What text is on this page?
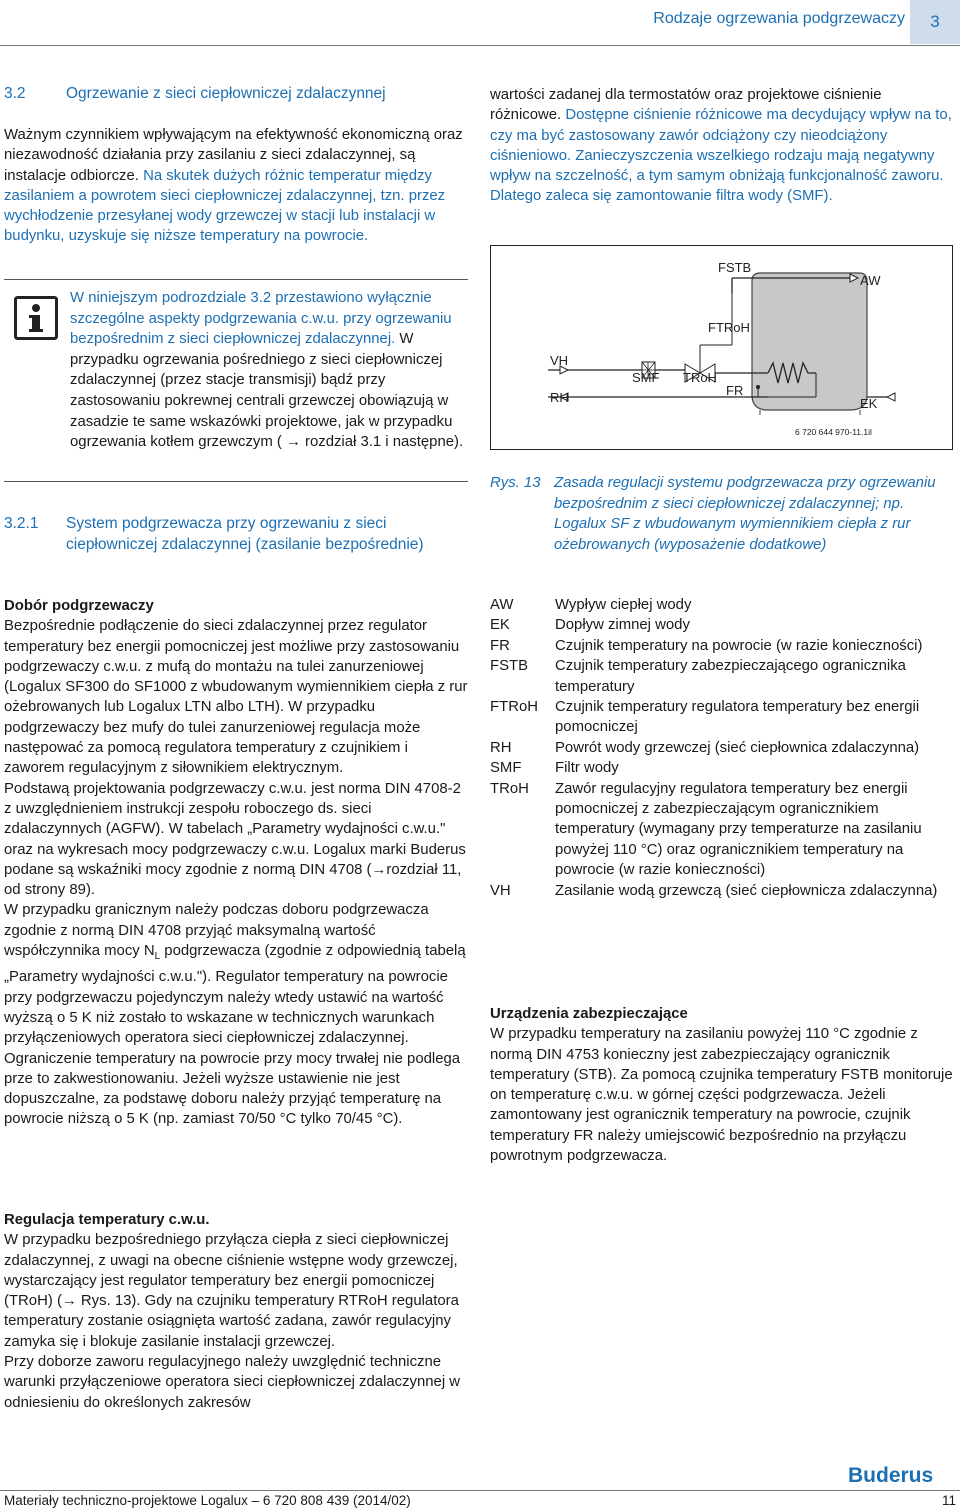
Rodzaje ogrzewania podgrzewaczy	3
3.2	Ogrzewanie z sieci ciepłowniczej zdalaczynnej

Ważnym czynnikiem wpływającym na efektywność ekonomiczną oraz niezawodność działania przy zasilaniu z sieci zdalaczynnej, są instalacje odbiorcze. Na skutek dużych różnic temperatur między zasilaniem a powrotem sieci ciepłowniczej zdalaczynnej, tzn. przez wychłodzenie przesyłanej wody grzewczej w stacji lub instalacji w budynku, uzyskuje się niższe temperatury na powrocie.

W niniejszym podrozdziale 3.2 przestawiono wyłącznie szczególne aspekty podgrzewania c.w.u. przy ogrzewaniu bezpośrednim z sieci ciepłowniczej zdalaczynnej. W przypadku ogrzewania pośredniego z sieci ciepłowniczej zdalaczynnej (przez stacje transmisji) bądź przy zastosowaniu pokrewnej centrali grzewczej obowiązują w zasadzie te same wskazówki projektowe, jak w przypadku ogrzewania kotłem grzewczym ( → rozdział 3.1 i następne).
3.2.1	System podgrzewacza przy ogrzewaniu z sieci ciepłowniczej zdalaczynnej (zasilanie bezpośrednie)

Dobór podgrzewaczy

Bezpośrednie podłączenie do sieci zdalaczynnej przez regulator temperatury bez energii pomocniczej jest możliwe przy zastosowaniu podgrzewaczy c.w.u. z mufą do montażu na tulei zanurzeniowej (Logalux SF300 do SF1000 z wbudowanym wymiennikiem ciepła z rur ożebrowanych lub Logalux LTN albo LTH). W przypadku podgrzewaczy bez mufy do tulei zanurzeniowej regulacja może następować za pomocą regulatora temperatury z czujnikiem i zaworem regulacyjnym z siłownikiem elektrycznym.

Podstawą projektowania podgrzewaczy c.w.u. jest norma DIN 4708-2 z uwzględnieniem instrukcji zespołu roboczego ds. sieci zdalaczynnych (AGFW). W tabelach „Parametry wydajności c.w.u." oraz na wykresach mocy podgrzewaczy c.w.u. Logalux marki Buderus podane są wskaźniki mocy zgodnie z normą DIN 4708 (→rozdział 11, od strony 89).

W przypadku granicznym należy podczas doboru podgrzewacza zgodnie z normą DIN 4708 przyjąć maksymalną wartość współczynnika mocy $N_L$ podgrzewacza (zgodnie z odpowiednią tabelą „Parametry wydajności c.w.u."). Regulator temperatury na powrocie przy podgrzewaczu pojedynczym należy wtedy ustawić na wartość wyższą o 5 K niż zostało to wskazane w technicznych warunkach przyłączeniowych operatora sieci ciepłowniczej zdalaczynnej. Ograniczenie temperatury na powrocie przy mocy trwałej nie podlega prze to zakwestionowaniu. Jeżeli wyższe ustawienie nie jest dopuszczalne, za podstawę doboru należy przyjąć temperaturę na powrocie niższą o 5 K (np. zamiast 70/50 °C tylko 70/45 °C).

Regulacja temperatury c.w.u.

W przypadku bezpośredniego przyłącza ciepła z sieci ciepłowniczej zdalaczynnej, z uwagi na obecne ciśnienie wstępne wody grzewczej, wystarczający jest regulator temperatury bez energii pomocniczej (TRoH) (→ Rys. 13). Gdy na czujniku temperatury RTRoH regulatora temperatury zostanie osiągnięta wartość zadana, zawór regulacyjny zamyka się i blokuje zasilanie instalacji grzewczej.

Przy doborze zaworu regulacyjnego należy uwzględnić techniczne warunki przyłączeniowe operatora sieci ciepłowniczej zdalaczynnej w odniesieniu do określonych zakresów

wartości zadanej dla termostatów oraz projektowe ciśnienie różnicowe. Dostępne ciśnienie różnicowe ma decydujący wpływ na to, czy ma być zastosowany zawór odciążony czy nieodciążony ciśnieniowo. Zanieczyszczenia wszelkiego rodzaju mają negatywny wpływ na szczelność, a tym samym obniżają funkcjonalność zaworu. Dlatego zaleca się zamontowanie filtra wody (SMF).

FSTB
AW
FTRoH
VH
RH
SMF TRoH
FR
EK
6 720 644 970-11.1il
Rys. 13 Zasada regulacji systemu podgrzewacza przy ogrzewaniu bezpośrednim z sieci ciepłowniczej zdalaczynnej; np. Logalux SF z wbudowanym wymiennikiem ciepła z rur ożebrowanych (wyposażenie dodatkowe)
AW	Wypływ ciepłej wody
EK	Dopływ zimnej wody
FR	Czujnik temperatury na powrocie (w razie konieczności)
FSTB	Czujnik temperatury zabezpieczającego ogranicznika temperatury
FTRoH	Czujnik temperatury regulatora temperatury bez energii pomocniczej
RH	Powrót wody grzewczej (sieć ciepłownica zdalaczynna)
SMF	Filtr wody
TRoH	Zawór regulacyjny regulatora temperatury bez energii pomocniczej z zabezpieczającym ogranicznikiem temperatury (wymagany przy temperaturze na zasilaniu powyżej 110 °C) oraz ogranicznikiem temperatury na powrocie (w razie konieczności)
VH	Zasilanie wodą grzewczą (sieć ciepłownicza zdalaczynna)

Urządzenia zabezpieczające

W przypadku temperatury na zasilaniu powyżej 110 °C zgodnie z normą DIN 4753 konieczny jest zabezpieczający ogranicznik temperatury (STB). Za pomocą czujnika temperatury FSTB monitoruje on temperaturę c.w.u. w górnej części podgrzewacza. Jeżeli zamontowany jest ogranicznik temperatury na powrocie, czujnik temperatury FR należy umiejscowić bezpośrednio na przyłączu powrotnym podgrzewacza.

Buderus
Materiały techniczno-projektowe Logalux – 6 720 808 439 (2014/02)	11
